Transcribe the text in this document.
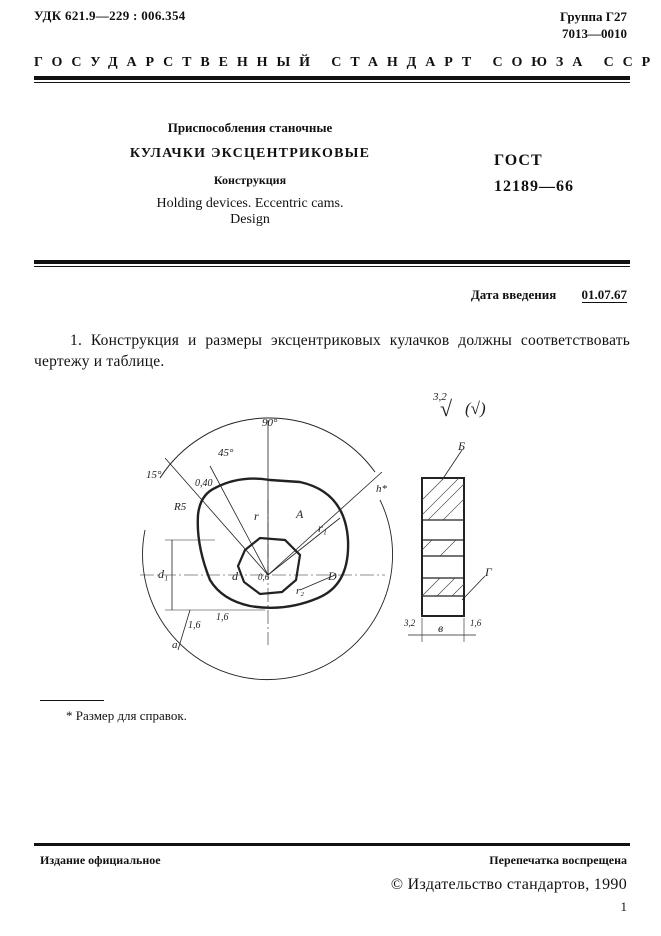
УДК 621.9—229 : 006.354	Группа Г27
7013—0010
ГОСУДАРСТВЕННЫЙ СТАНДАРТ СОЮЗА ССР
Приспособления станочные
КУЛАЧКИ ЭКСЦЕНТРИКОВЫЕ
Конструкция
Holding devices. Eccentric cams.
Design
ГОСТ
12189—66
Дата введения 01.07.67
1. Конструкция и размеры эксцентриковых кулачков должны соответствовать чертежу и таблице.
3,2
√ (√)
90°
45°
15°
0,40
R5
h*
r	A
r₁
d₁	d	D
r₂
0,6
1,6
1,6
a
Б
Г
в
3,2	1,6
* Размер для справок.
Издание официальное	Перепечатка воспрещена
© Издательство стандартов, 1990
1
